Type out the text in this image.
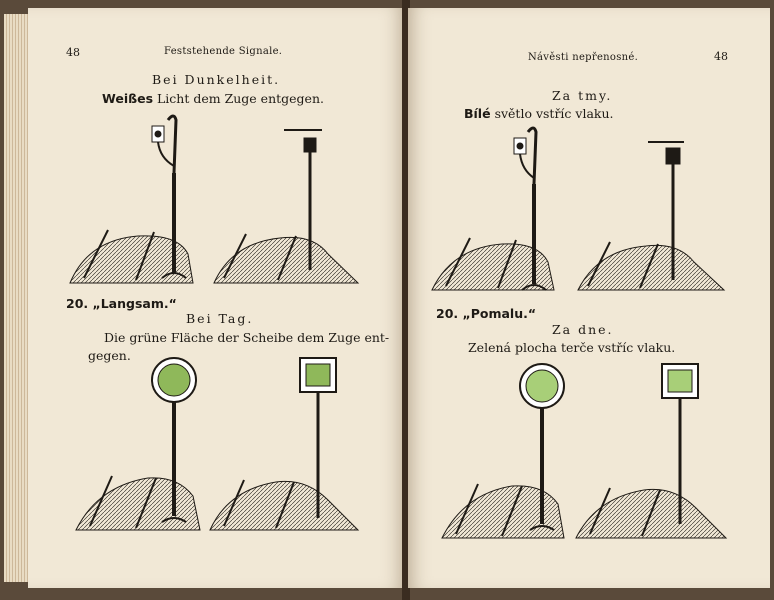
48	Feststehende Signale.
Bei Dunkelheit.
Weißes Licht dem Zuge entgegen.
20. „Langsam.“
Bei Tag.
Die grüne Fläche der Scheibe dem Zuge ent-
gegen.
Návěsti nepřenosné.	48
Za tmy.
Bílé světlo vstříc vlaku.
20. „Pomalu.“
Za dne.
Zelená plocha terče vstříc vlaku.
